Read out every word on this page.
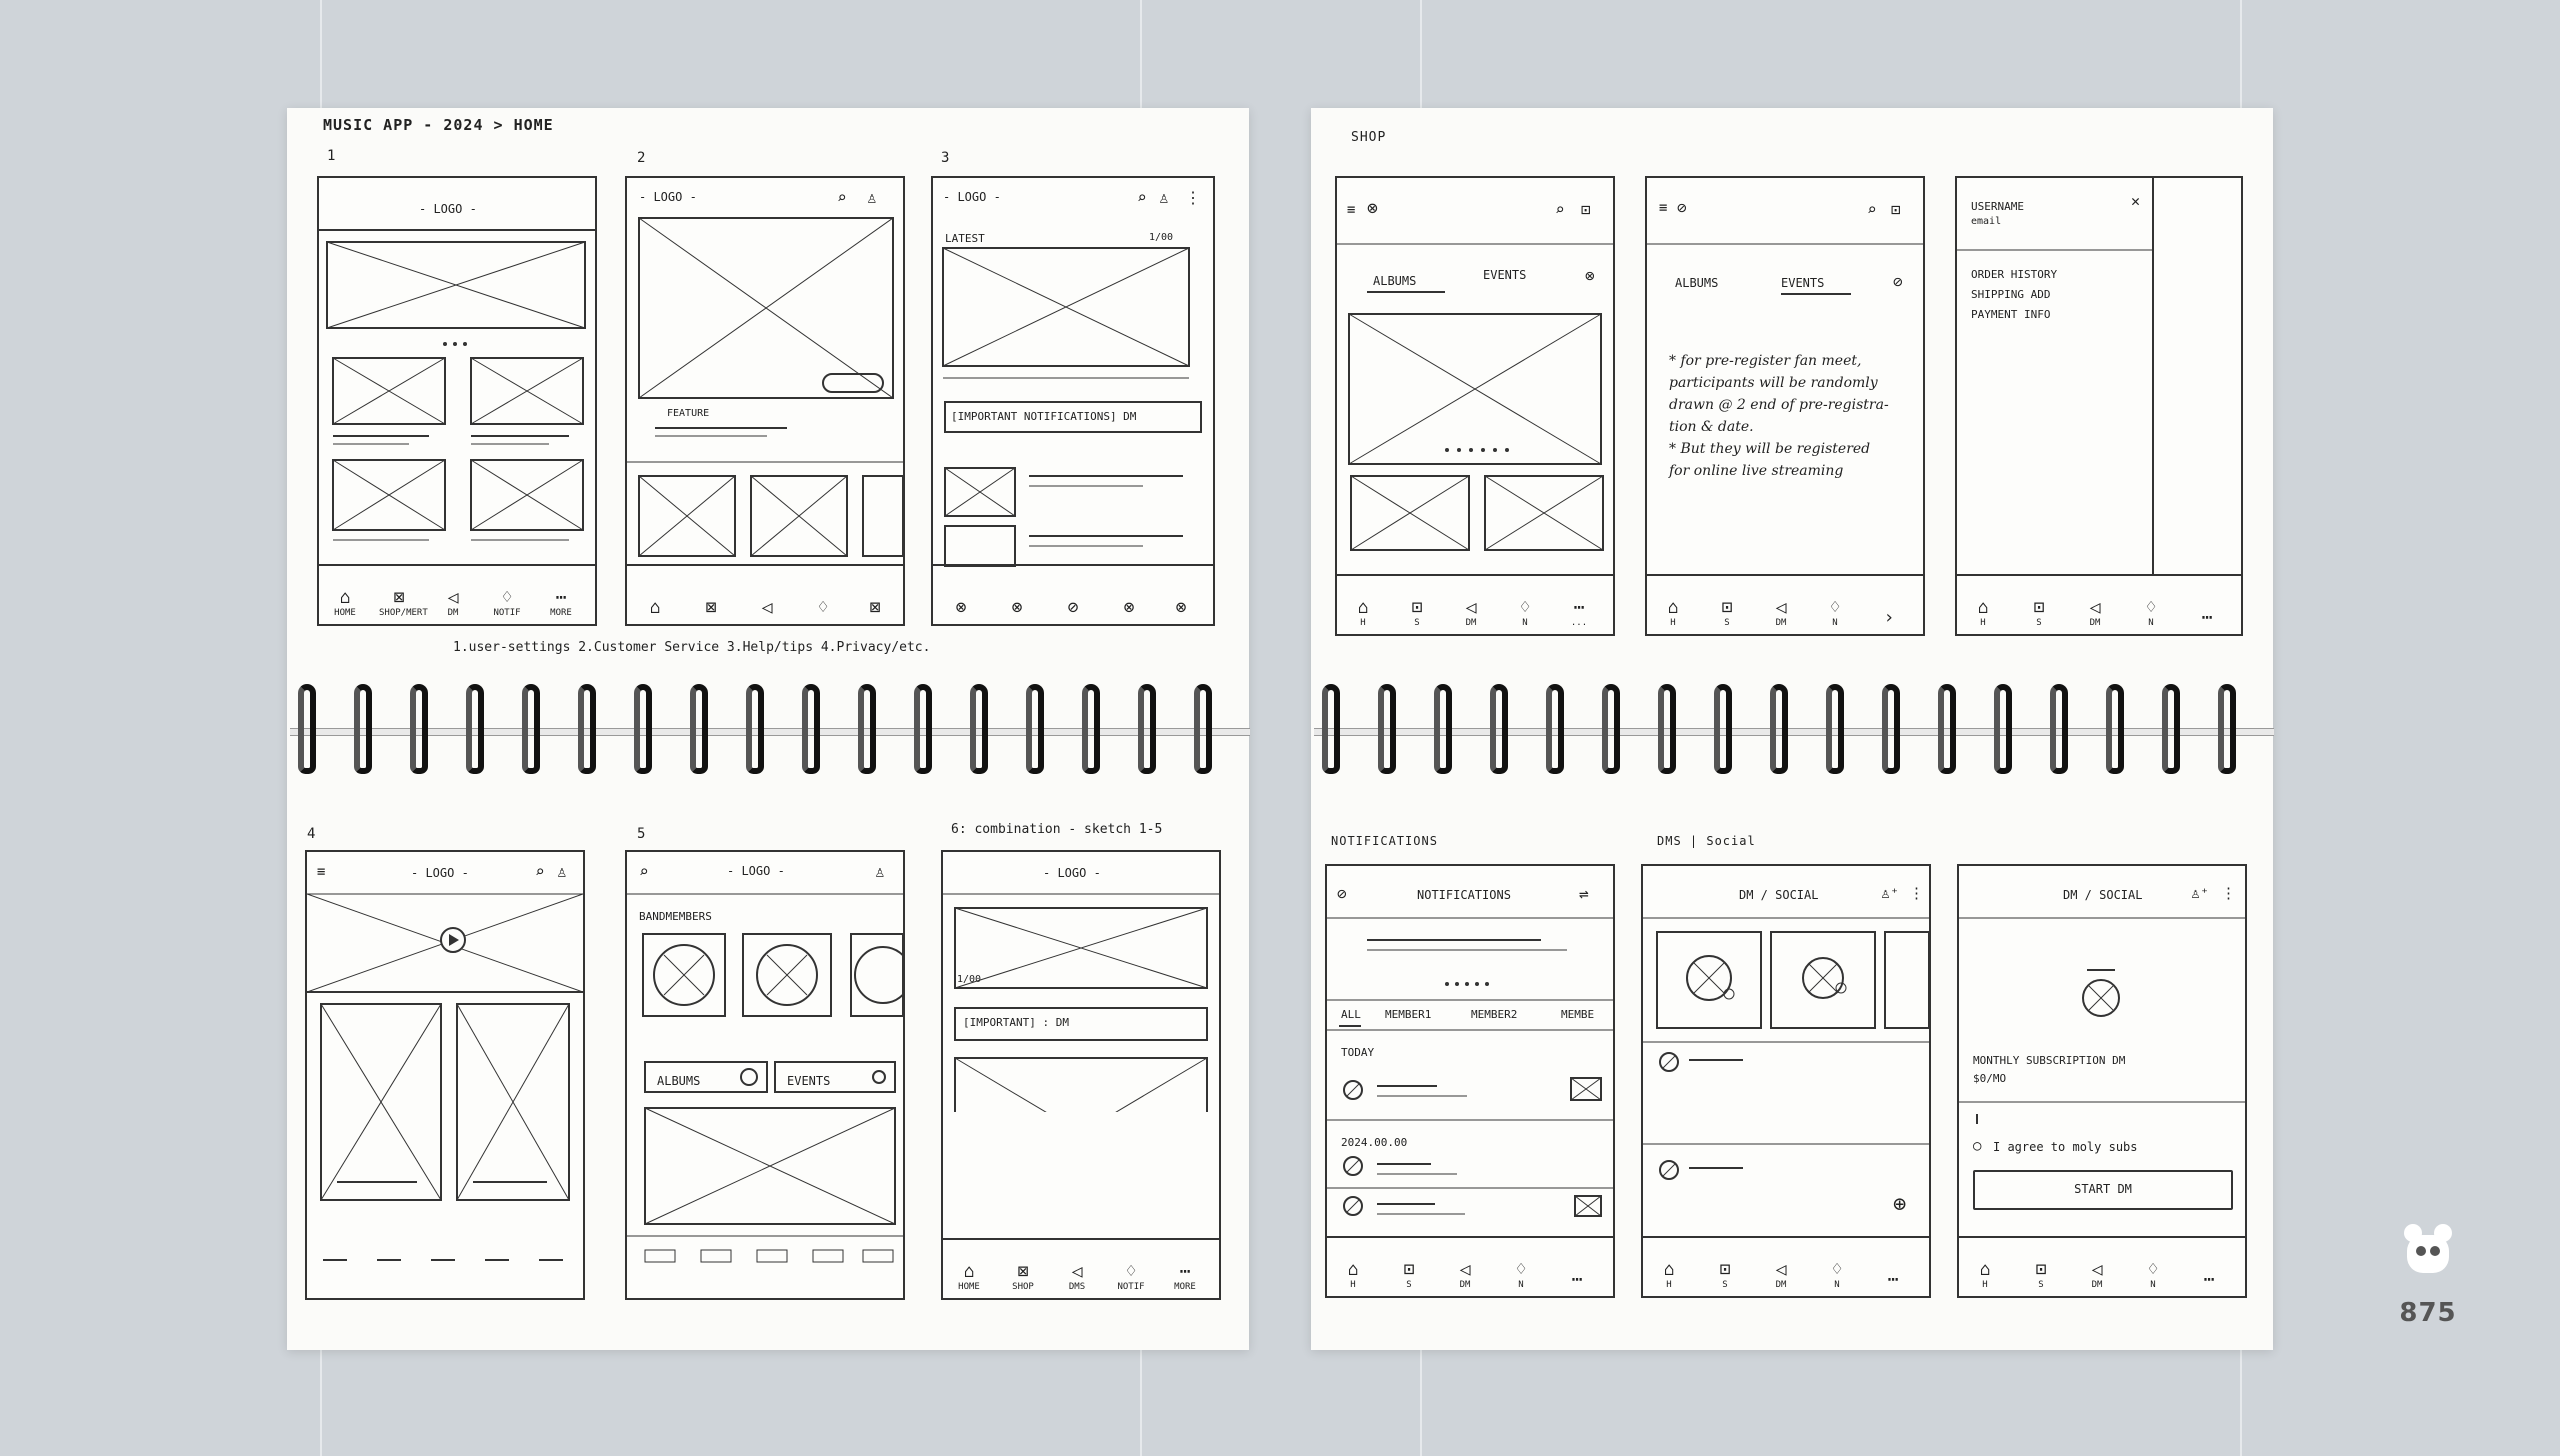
MUSIC APP - 2024 > HOME
1	2	3
- LOGO -
⌂
HOME
⊠
SHOP/MERT
◁
DM
♢
NOTIF
⋯
MORE
- LOGO -	⌕ ♙
FEATURE
⌂	⊠	◁	♢	⊠
- LOGO -	⌕ ♙ ⋮
LATEST	1/00
[IMPORTANT NOTIFICATIONS] DM
⊗	⊗	⊘	⊗	⊗
1.user-settings 2.Customer Service 3.Help/tips 4.Privacy/etc.
4	5	6: combination - sketch 1-5
≡	- LOGO -	⌕ ♙	⌕	- LOGO -	♙
BANDMEMBERS
ALBUMS	EVENTS
- LOGO -
1/00
[IMPORTANT] : DM
⌂
HOME
⊠
SHOP
◁
DMS
♢
NOTIF
⋯
MORE
SHOP
≡ ⊗	⌕ ⊡
ALBUMS	EVENTS	⊗
⌂
H
⊡
S
◁
DM
♢
N
⋯
...
≡ ⊘	⌕ ⊡
ALBUMS	EVENTS	⊘
* for pre-register fan meet,
participants will be randomly
drawn @ 2 end of pre-registra-
tion & date.
* But they will be registered
for online live streaming
⌂
H
⊡
S
◁
DM
♢
N	›
USERNAME
email
✕
ORDER HISTORY
SHIPPING ADD
PAYMENT INFO
⌂
H
⊡
S
◁
DM
♢
N	⋯
NOTIFICATIONS	DMS | Social
⊘	NOTIFICATIONS	⇌
ALL MEMBER1	MEMBER2	MEMBE
TODAY
2024.00.00
⌂
H
⊡
S
◁
DM
♢
N	⋯
DM / SOCIAL	♙⁺ ⋮
⊕
⌂
H
⊡
S
◁
DM
♢
N	⋯
DM / SOCIAL	♙⁺ ⋮
MONTHLY SUBSCRIPTION DM
$0/MO
○ I agree to moly subs
START DM
⌂
H
⊡
S
◁
DM
♢
N	⋯
875
